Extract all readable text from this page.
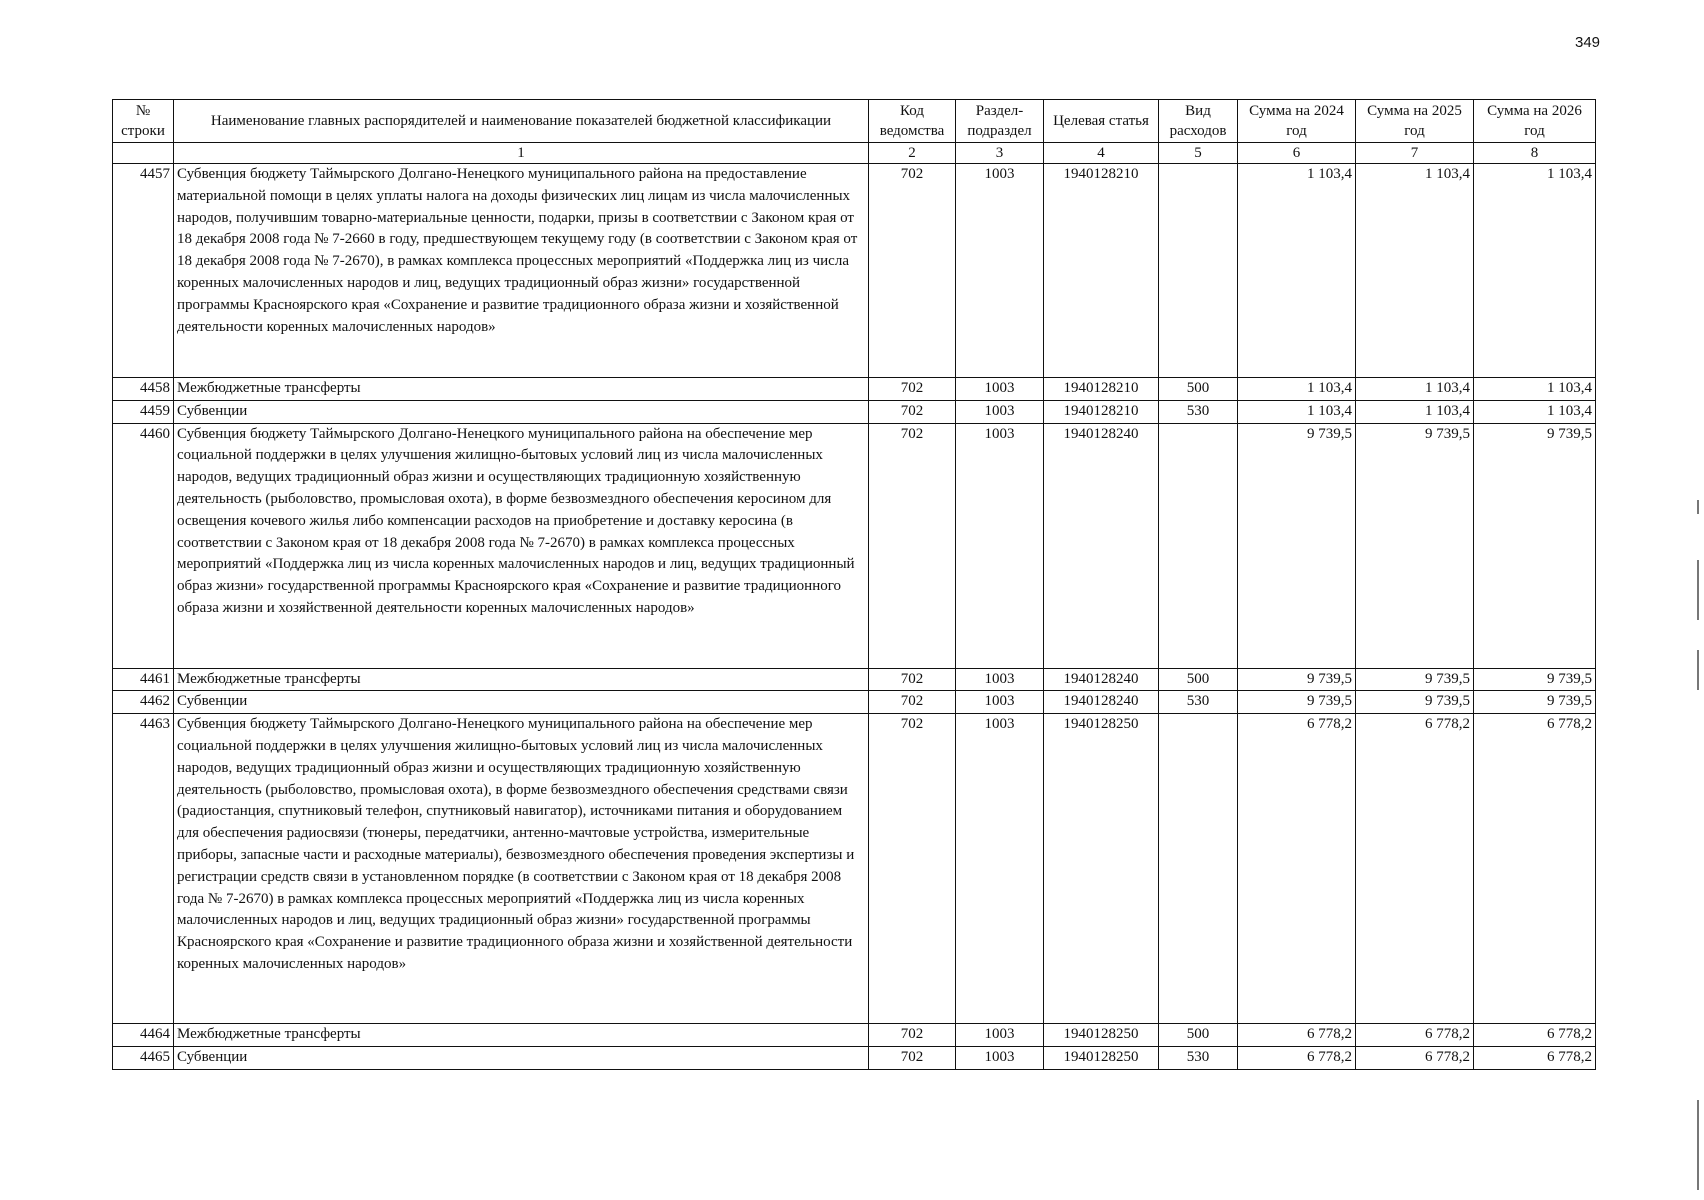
349
№ строки	Наименование главных распорядителей и наименование показателей бюджетной классификации	Код ведомства	Раздел-подраздел	Целевая статья	Вид расходов	Сумма на 2024 год	Сумма на 2025 год	Сумма на 2026 год
	1	2	3	4	5	6	7	8
4457	Субвенция бюджету Таймырского Долгано-Ненецкого муниципального района на предоставление материальной помощи в целях уплаты налога на доходы физических лиц лицам из числа малочисленных народов, получившим товарно-материальные ценности, подарки, призы в соответствии с Законом края от 18 декабря 2008 года № 7-2660 в году, предшествующем текущему году (в соответствии с Законом края от 18 декабря 2008 года № 7-2670), в рамках комплекса процессных мероприятий «Поддержка лиц из числа коренных малочисленных народов и лиц, ведущих традиционный образ жизни» государственной программы Красноярского края «Сохранение и развитие традиционного образа жизни и хозяйственной деятельности коренных малочисленных народов»	702	1003	1940128210		1 103,4	1 103,4	1 103,4
4458	Межбюджетные трансферты	702	1003	1940128210	500	1 103,4	1 103,4	1 103,4
4459	Субвенции	702	1003	1940128210	530	1 103,4	1 103,4	1 103,4
4460	Субвенция бюджету Таймырского Долгано-Ненецкого муниципального района на обеспечение мер социальной поддержки в целях улучшения жилищно-бытовых условий лиц из числа малочисленных народов, ведущих традиционный образ жизни и осуществляющих традиционную хозяйственную деятельность (рыболовство, промысловая охота), в форме безвозмездного обеспечения керосином для освещения кочевого жилья либо компенсации расходов на приобретение и доставку керосина (в соответствии с Законом края от 18 декабря 2008 года № 7-2670) в рамках комплекса процессных мероприятий «Поддержка лиц из числа коренных малочисленных народов и лиц, ведущих традиционный образ жизни» государственной программы Красноярского края «Сохранение и развитие традиционного образа жизни и хозяйственной деятельности коренных малочисленных народов»	702	1003	1940128240		9 739,5	9 739,5	9 739,5
4461	Межбюджетные трансферты	702	1003	1940128240	500	9 739,5	9 739,5	9 739,5
4462	Субвенции	702	1003	1940128240	530	9 739,5	9 739,5	9 739,5
4463	Субвенция бюджету Таймырского Долгано-Ненецкого муниципального района на обеспечение мер социальной поддержки в целях улучшения жилищно-бытовых условий лиц из числа малочисленных народов, ведущих традиционный образ жизни и осуществляющих традиционную хозяйственную деятельность (рыболовство, промысловая охота), в форме безвозмездного обеспечения средствами связи (радиостанция, спутниковый телефон, спутниковый навигатор), источниками питания и оборудованием для обеспечения радиосвязи (тюнеры, передатчики, антенно-мачтовые устройства, измерительные приборы, запасные части и расходные материалы), безвозмездного обеспечения проведения экспертизы и регистрации средств связи в установленном порядке (в соответствии с Законом края от 18 декабря 2008 года № 7-2670) в рамках комплекса процессных мероприятий «Поддержка лиц из числа коренных малочисленных народов и лиц, ведущих традиционный образ жизни» государственной программы Красноярского края «Сохранение и развитие традиционного образа жизни и хозяйственной деятельности коренных малочисленных народов»	702	1003	1940128250		6 778,2	6 778,2	6 778,2
4464	Межбюджетные трансферты	702	1003	1940128250	500	6 778,2	6 778,2	6 778,2
4465	Субвенции	702	1003	1940128250	530	6 778,2	6 778,2	6 778,2
